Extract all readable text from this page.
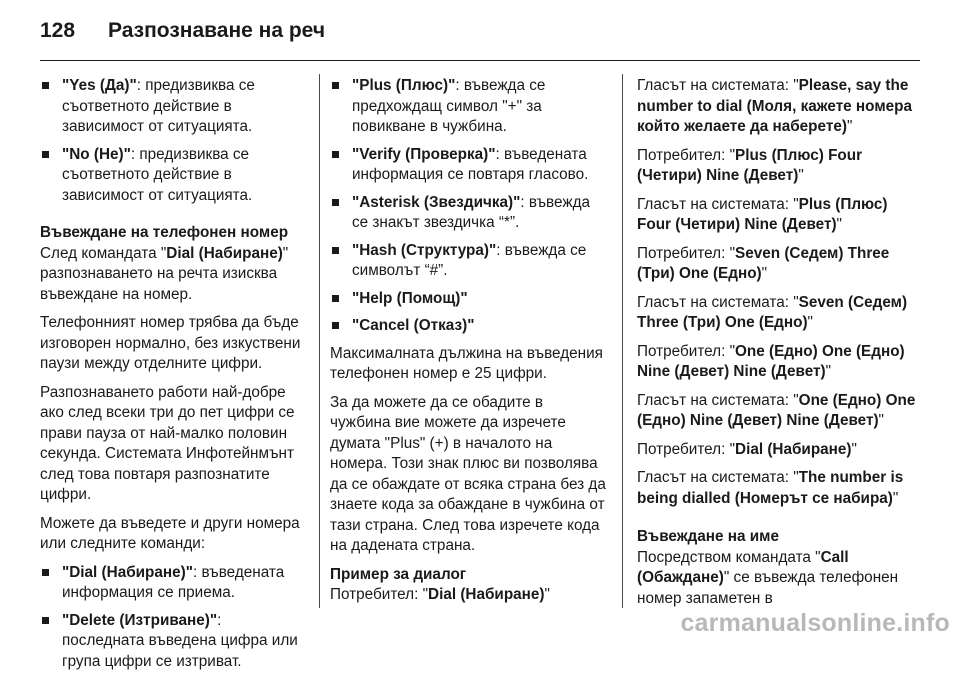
128	Разпознаване на реч
"Yes (Да)": предизвиква се съответното действие в зависимост от ситуацията.
"No (Не)": предизвиква се съответното действие в зависимост от ситуацията.

Въвеждане на телефонен номер

След командата "Dial (Набиране)" разпознаването на речта изисква въвеждане на номер.

Телефонният номер трябва да бъде изговорен нормално, без изкуствени паузи между отделните цифри.

Разпознаването работи най-добре ако след всеки три до пет цифри се прави пауза от най-малко половин секунда. Системата Инфотейнмънт след това повтаря разпознатите цифри.

Можете да въведете и други номера или следните команди:

"Dial (Набиране)": въведената информация се приема.
"Delete (Изтриване)": последната въведена цифра или група цифри се изтриват.
"Plus (Плюс)": въвежда се предхождащ символ "+" за повикване в чужбина.
"Verify (Проверка)": въведената информация се повтаря гласово.
"Asterisk (Звездичка)": въвежда се знакът звездичка “*”.
"Hash (Структура)": въвежда се символът “#”.
"Help (Помощ)"
"Cancel (Отказ)"

Максималната дължина на въведения телефонен номер е 25 цифри.

За да можете да се обадите в чужбина вие можете да изречете думата "Plus" (+) в началото на номера. Този знак плюс ви позволява да се обаждате от всяка страна без да знаете кода за обаждане в чужбина от тази страна. След това изречете кода на дадената страна.

Пример за диалог

Потребител: "Dial (Набиране)"

Гласът на системата: "Please, say the number to dial (Моля, кажете номера който желаете да наберете)"

Потребител: "Plus (Плюс) Four (Четири) Nine (Девет)"

Гласът на системата: "Plus (Плюс) Four (Четири) Nine (Девет)"

Потребител: "Seven (Седем) Three (Три) One (Едно)"

Гласът на системата: "Seven (Седем) Three (Три) One (Едно)"

Потребител: "One (Едно) One (Едно) Nine (Девет) Nine (Девет)"

Гласът на системата: "One (Едно) One (Едно) Nine (Девет) Nine (Девет)"

Потребител: "Dial (Набиране)"

Гласът на системата: "The number is being dialled (Номерът се набира)"

Въвеждане на име

Посредством командата "Call (Обаждане)" се въвежда телефонен номер запаметен в

carmanualsonline.info
